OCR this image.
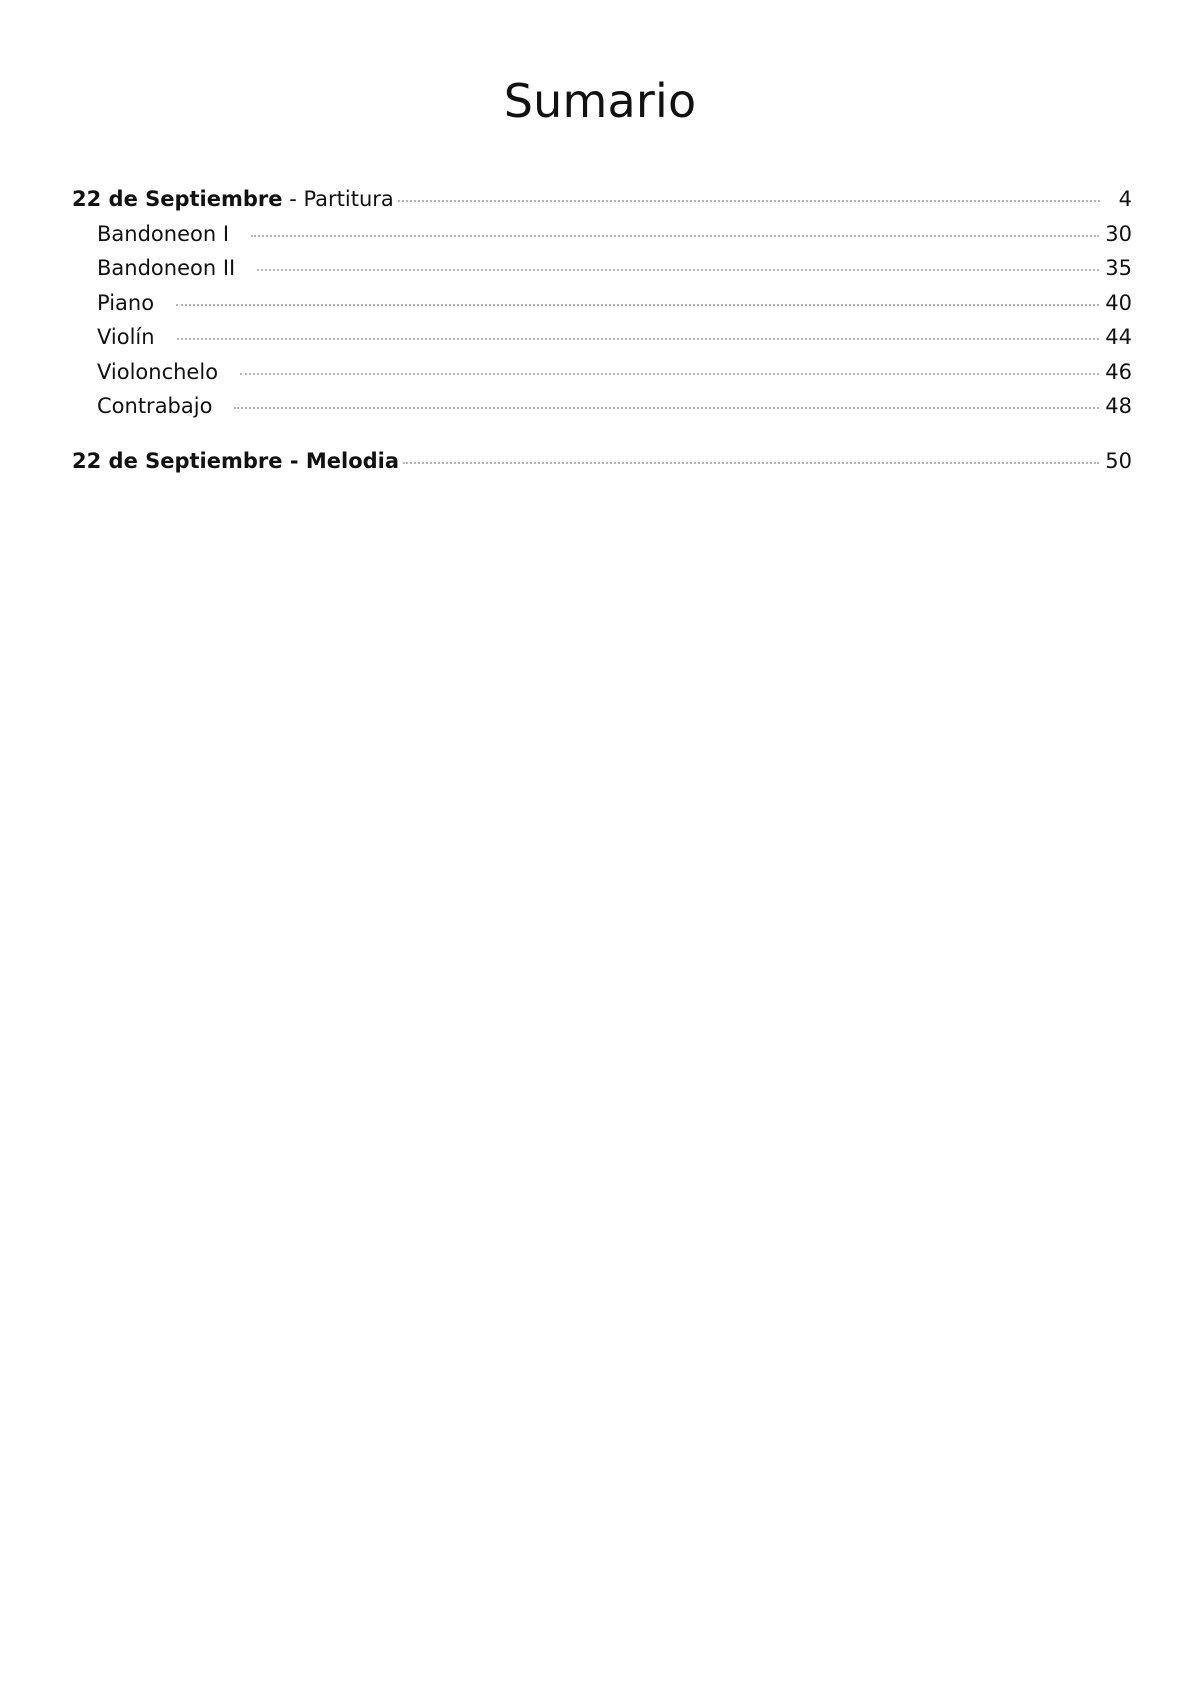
Sumario
22 de Septiembre - Partitura	4
Bandoneon I	30
Bandoneon II	35
Piano	40
Violín	44
Violonchelo	46
Contrabajo	48
22 de Septiembre - Melodia	50
